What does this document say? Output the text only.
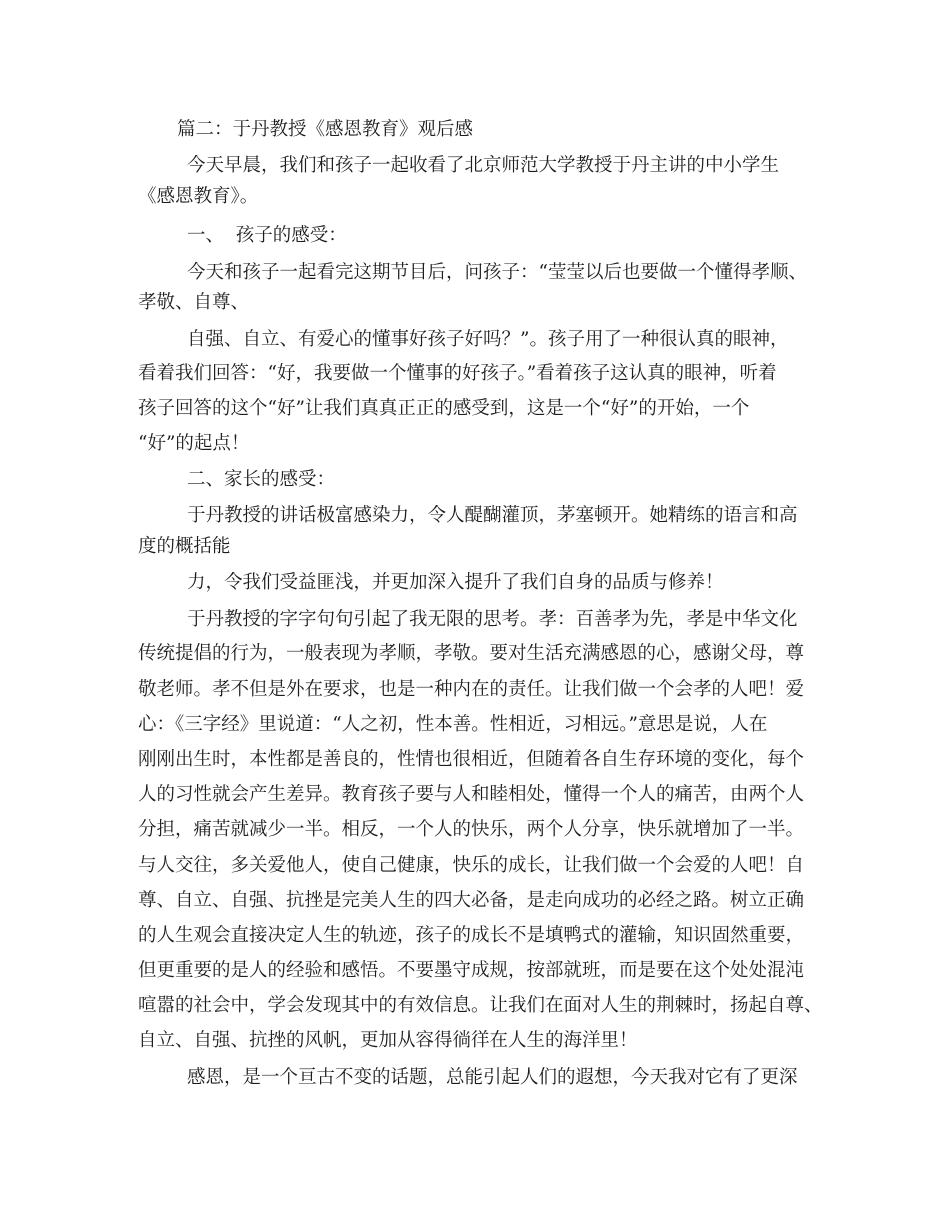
篇二：于丹教授《感恩教育》观后感
今天早晨，我们和孩子一起收看了北京师范大学教授于丹主讲的中小学生
《感恩教育》。
一、  孩子的感受：
今天和孩子一起看完这期节目后，问孩子：“莹莹以后也要做一个懂得孝顺、
孝敬、自尊、
自强、自立、有爱心的懂事好孩子好吗？”。孩子用了一种很认真的眼神，
看着我们回答：“好，我要做一个懂事的好孩子。”看着孩子这认真的眼神，听着
孩子回答的这个“好”让我们真真正正的感受到，这是一个“好”的开始，一个
“好”的起点！
二、家长的感受：
于丹教授的讲话极富感染力，令人醍醐灌顶，茅塞顿开。她精练的语言和高
度的概括能
力，令我们受益匪浅，并更加深入提升了我们自身的品质与修养！
于丹教授的字字句句引起了我无限的思考。孝：百善孝为先，孝是中华文化
传统提倡的行为，一般表现为孝顺，孝敬。要对生活充满感恩的心，感谢父母，尊
敬老师。孝不但是外在要求，也是一种内在的责任。让我们做一个会孝的人吧！爱
心：《三字经》里说道：“人之初，性本善。性相近，习相远。”意思是说，人在
刚刚出生时，本性都是善良的，性情也很相近，但随着各自生存环境的变化，每个
人的习性就会产生差异。教育孩子要与人和睦相处，懂得一个人的痛苦，由两个人
分担，痛苦就减少一半。相反，一个人的快乐，两个人分享，快乐就增加了一半。
与人交往，多关爱他人，使自己健康，快乐的成长，让我们做一个会爱的人吧！自
尊、自立、自强、抗挫是完美人生的四大必备，是走向成功的必经之路。树立正确
的人生观会直接决定人生的轨迹，孩子的成长不是填鸭式的灌输，知识固然重要，
但更重要的是人的经验和感悟。不要墨守成规，按部就班，而是要在这个处处混沌
喧嚣的社会中，学会发现其中的有效信息。让我们在面对人生的荆棘时，扬起自尊、
自立、自强、抗挫的风帆，更加从容得徜徉在人生的海洋里！
感恩，是一个亘古不变的话题，总能引起人们的遐想，今天我对它有了更深
